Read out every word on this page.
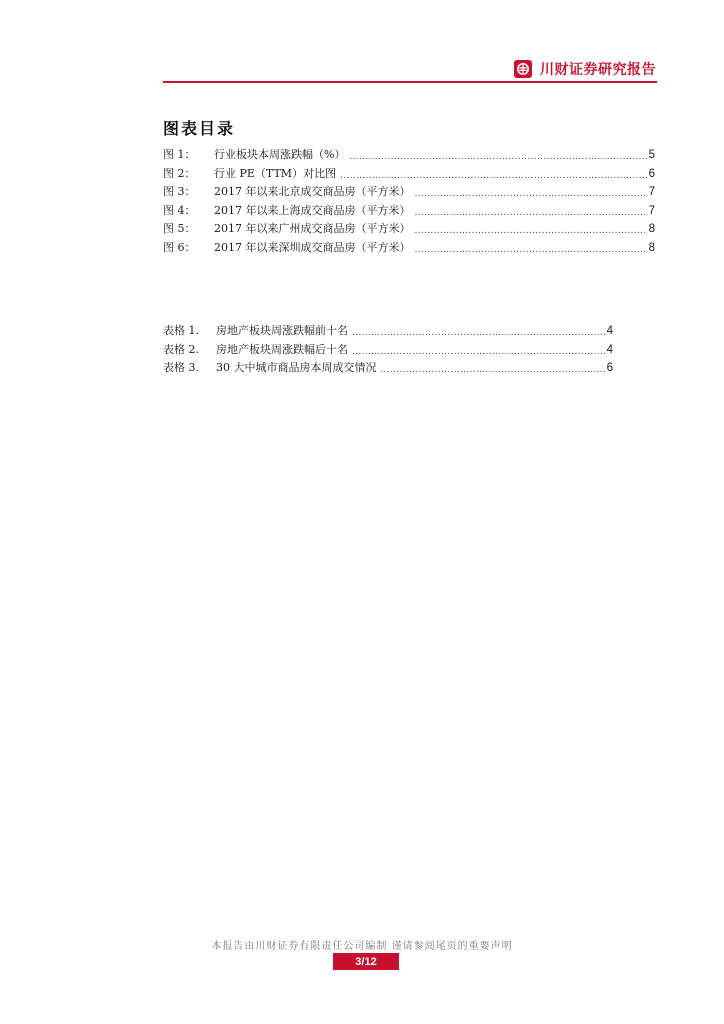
川财证券研究报告
图表目录
图 1：	行业板块本周涨跌幅（%） .....	5
图 2：	行业 PE（TTM）对比图 .....	6
图 3：	2017 年以来北京成交商品房（平方米） .....	7
图 4：	2017 年以来上海成交商品房（平方米） .....	7
图 5：	2017 年以来广州成交商品房（平方米） .....	8
图 6：	2017 年以来深圳成交商品房（平方米） .....	8
表格 1.	房地产板块周涨跌幅前十名 .....	4
表格 2.	房地产板块周涨跌幅后十名 .....	4
表格 3.	30 大中城市商品房本周成交情况 .....	6
本报告由川财证券有限责任公司编制 谨请参阅尾页的重要声明
3/12
